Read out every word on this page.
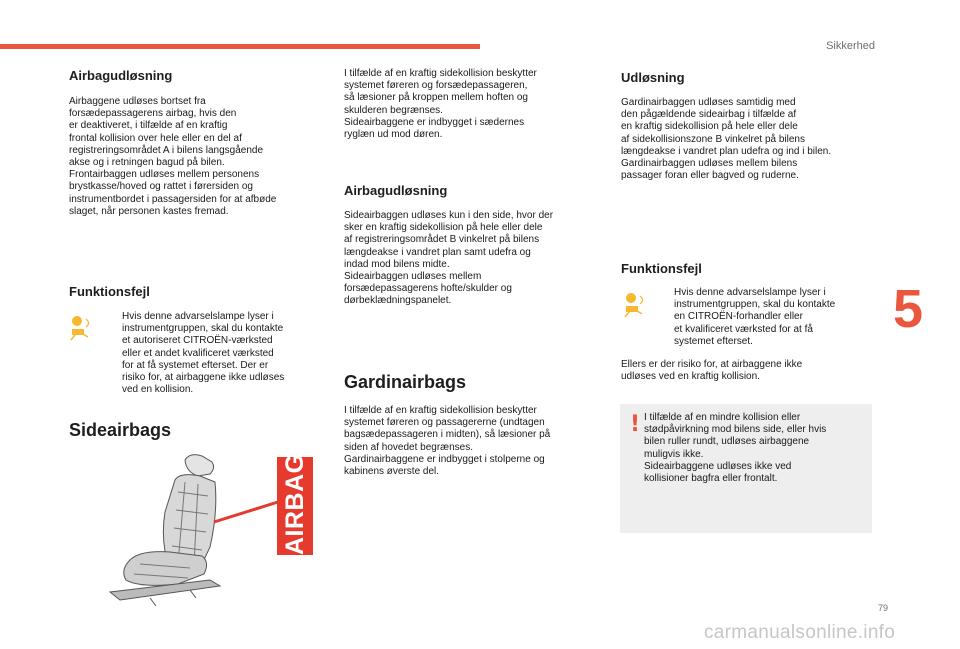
Sikkerhed
5
Airbagudløsning

Airbaggene udløses bortset fra
forsædepassagerens airbag, hvis den
er deaktiveret, i tilfælde af en kraftig
frontal kollision over hele eller en del af
registreringsområdet A i bilens langsgående
akse og i retningen bagud på bilen.
Frontairbaggen udløses mellem personens
brystkasse/hoved og rattet i førersiden og
instrumentbordet i passagersiden for at afbøde
slaget, når personen kastes fremad.

Funktionsfejl

Hvis denne advarselslampe lyser i
instrumentgruppen, skal du kontakte
et autoriseret CITROËN-værksted
eller et andet kvalificeret værksted
for at få systemet efterset. Der er
risiko for, at airbaggene ikke udløses
ved en kollision.

Sideairbags
AIRBAG

I tilfælde af en kraftig sidekollision beskytter
systemet føreren og forsædepassageren,
så læsioner på kroppen mellem hoften og
skulderen begrænses.
Sideairbaggene er indbygget i sædernes
ryglæn ud mod døren.

Airbagudløsning

Sideairbaggen udløses kun i den side, hvor der
sker en kraftig sidekollision på hele eller dele
af registreringsområdet B vinkelret på bilens
længdeakse i vandret plan samt udefra og
indad mod bilens midte.
Sideairbaggen udløses mellem
forsædepassagerens hofte/skulder og
dørbeklædningspanelet.

Gardinairbags

I tilfælde af en kraftig sidekollision beskytter
systemet føreren og passagererne (undtagen
bagsædepassageren i midten), så læsioner på
siden af hovedet begrænses.
Gardinairbaggene er indbygget i stolperne og
kabinens øverste del.

Udløsning

Gardinairbaggen udløses samtidig med
den pågældende sideairbag i tilfælde af
en kraftig sidekollision på hele eller dele
af sidekollisionszone B vinkelret på bilens
længdeakse i vandret plan udefra og ind i bilen.
Gardinairbaggen udløses mellem bilens
passager foran eller bagved og ruderne.

Funktionsfejl

Hvis denne advarselslampe lyser i
instrumentgruppen, skal du kontakte
en CITROËN-forhandler eller
et kvalificeret værksted for at få
systemet efterset.

Ellers er der risiko for, at airbaggene ikke
udløses ved en kraftig kollision.

! I tilfælde af en mindre kollision eller
stødpåvirkning mod bilens side, eller hvis
bilen ruller rundt, udløses airbaggene
muligvis ikke.
Sideairbaggene udløses ikke ved
kollisioner bagfra eller frontalt.

79
carmanualsonline.info
